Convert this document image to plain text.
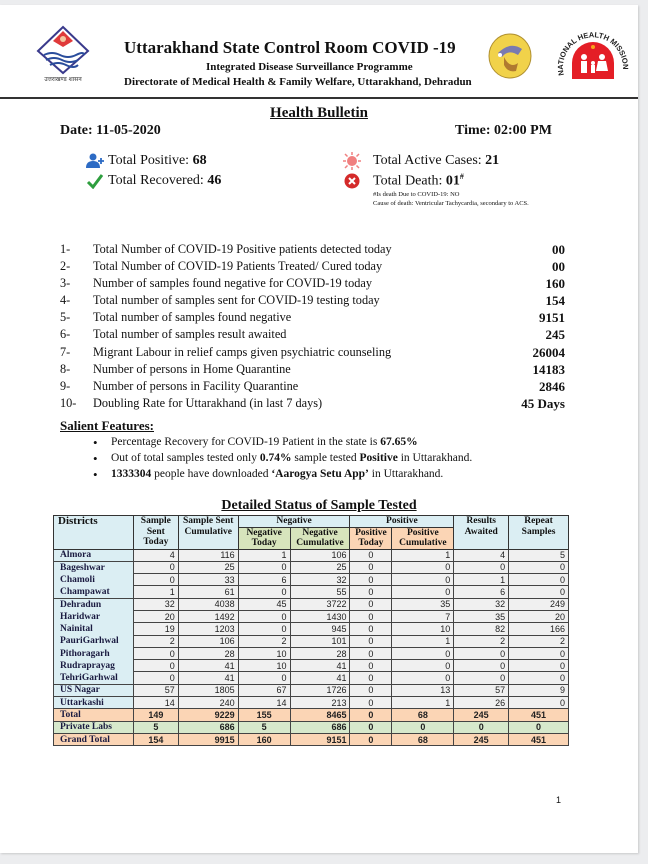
उत्तराखण्ड शासन
Uttarakhand State Control Room COVID -19
Integrated Disease Surveillance Programme
Directorate of Medical Health & Family Welfare, Uttarakhand, Dehradun
NATIONAL HEALTH MISSION
Health Bulletin
Date: 11-05-2020	Time: 02:00 PM
Total Positive: 68
Total Recovered: 46
Total Active Cases: 21
Total Death: 01#
#Is death Due to COVID-19: NO
Cause of death: Ventricular Tachycardia, secondary to ACS.
1- Total Number of COVID-19 Positive patients detected today	00
2- Total Number of COVID-19 Patients Treated/ Cured today	00
3- Number of samples found negative for COVID-19 today	160
4- Total number of samples sent for COVID-19 testing today	154
5- Total number of samples found negative	9151
6- Total number of samples result awaited	245
7- Migrant Labour in relief camps given psychiatric counseling	26004
8- Number of persons in Home Quarantine	14183
9- Number of persons in Facility Quarantine	2846
10- Doubling Rate for Uttarakhand (in last 7 days)	45 Days
Salient Features:
• Percentage Recovery for COVID-19 Patient in the state is 67.65%
• Out of total samples tested only 0.74% sample tested Positive in Uttarakhand.
• 1333304 people have downloaded ‘Aarogya Setu App’ in Uttarakhand.
Detailed Status of Sample Tested
Districts	Sample Sent Today	Sample Sent Cumulative	Negative		Positive		Results Awaited	Repeat Samples
			Negative Today	Negative Cumulative	Positive Today	Positive Cumulative		
Almora	4	116	1	106	0	1	4	5
Bageshwar	0	25	0	25	0	0	0	0
Chamoli	0	33	6	32	0	0	1	0
Champawat	1	61	0	55	0	0	6	0
Dehradun	32	4038	45	3722	0	35	32	249
Haridwar	20	1492	0	1430	0	7	35	20
Nainital	19	1203	0	945	0	10	82	166
PauriGarhwal	2	106	2	101	0	1	2	2
Pithoragarh	0	28	10	28	0	0	0	0
Rudraprayag	0	41	10	41	0	0	0	0
TehriGarhwal	0	41	0	41	0	0	0	0
US Nagar	57	1805	67	1726	0	13	57	9
Uttarkashi	14	240	14	213	0	1	26	0
Total	149	9229	155	8465	0	68	245	451
Private Labs	5	686	5	686	0	0	0	0
Grand Total	154	9915	160	9151	0	68	245	451
1
